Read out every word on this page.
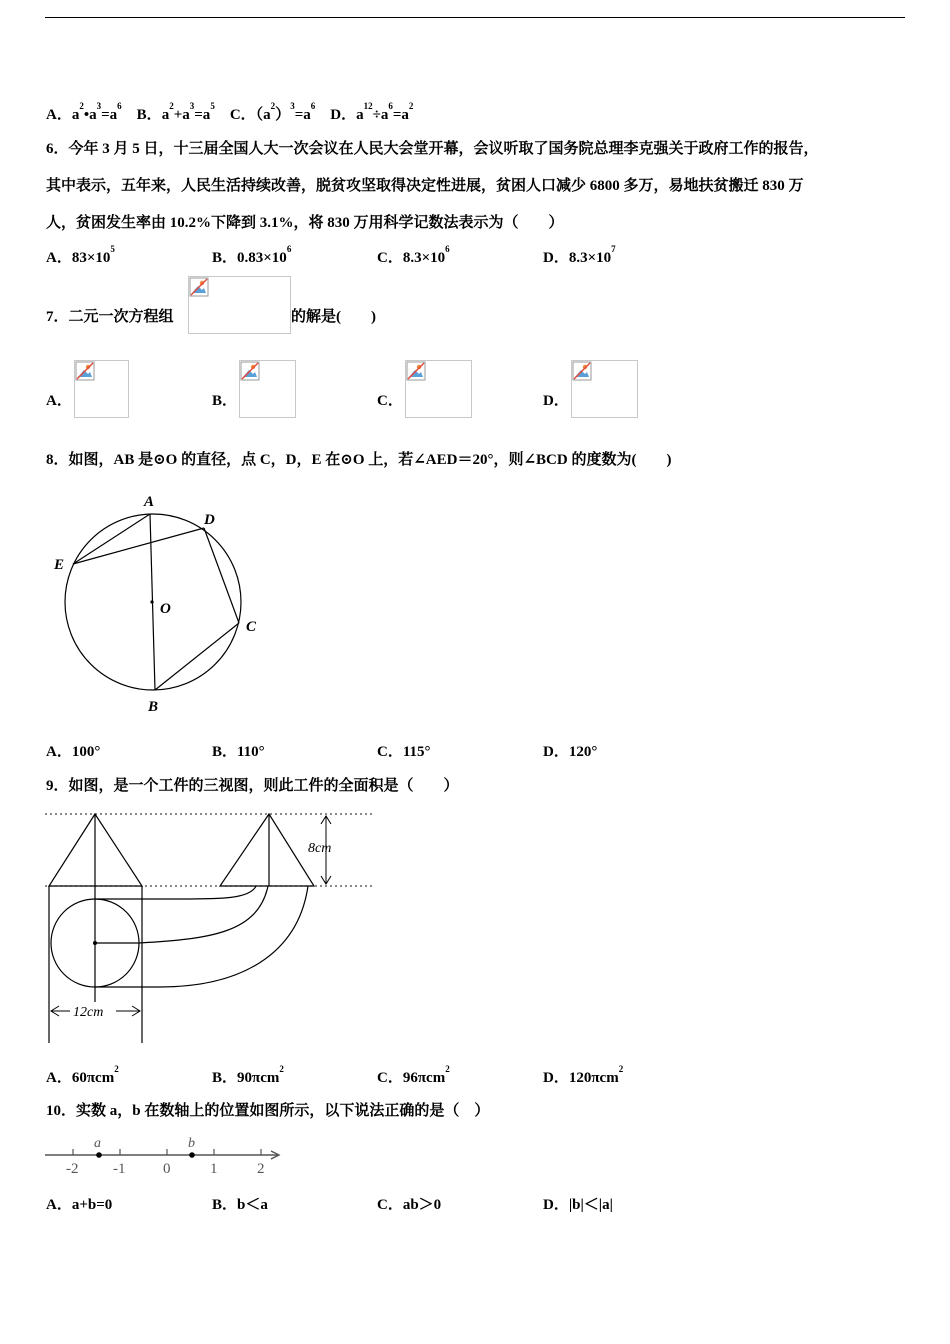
A．$a^2•a^3=a^6$    B．$a^2+a^3=a^5$    C．$(a^2)^3=a^6$    D．$a^{12}\div a^6=a^2$
6．今年 3 月 5 日，十三届全国人大一次会议在人民大会堂开幕，会议听取了国务院总理李克强关于政府工作的报告，
其中表示，五年来，人民生活持续改善，脱贫攻坚取得决定性进展，贫困人口减少 6800 多万，易地扶贫搬迁 830 万
人，贫困发生率由 10.2%下降到 3.1%，将 830 万用科学记数法表示为（　　）
A．$83\times 10^5$
B．$0.83\times 10^6$
C．$8.3\times 10^6$
D．$8.3\times 10^7$
7．二元一次方程组	的解是(　　)
A．	B．	C．	D．
8．如图，AB 是⊙O 的直径，点 C，D，E 在⊙O 上，若∠AED＝20°，则∠BCD 的度数为(　　)
A
D
E
O
C
B
A．100°	B．110°	C．115°	D．120°
9．如图，是一个工件的三视图，则此工件的全面积是（　　）
8cm
12cm
A．60πcm$^2$
B．90πcm$^2$
C．96πcm$^2$
D．120πcm$^2$
10．实数 a，b 在数轴上的位置如图所示，以下说法正确的是（　）
a	b
-2 -1	0	1	2
A．a+b=0	B．b＜a	C．ab＞0	D．|b|＜|a|
